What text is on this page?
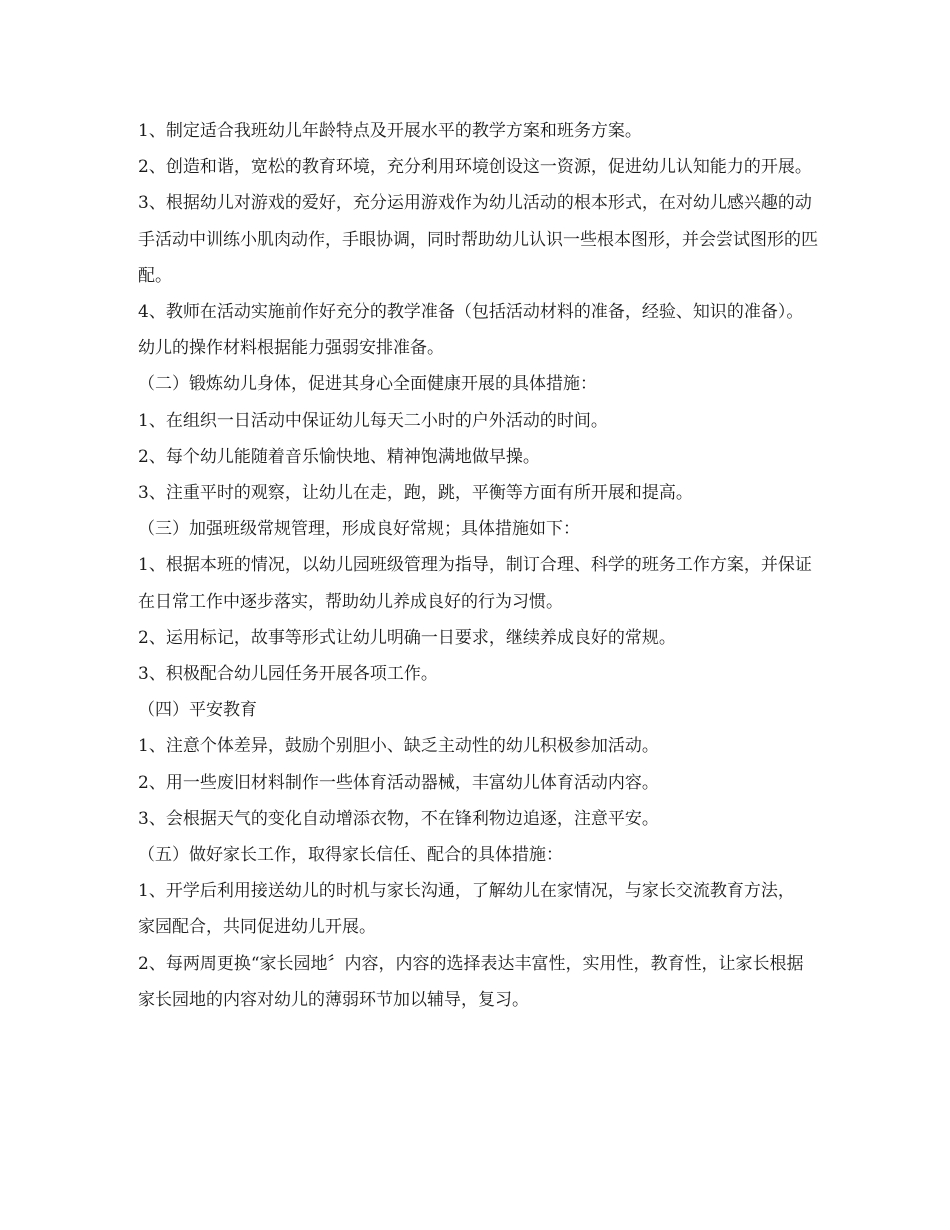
1、制定适合我班幼儿年龄特点及开展水平的教学方案和班务方案。

2、创造和谐，宽松的教育环境，充分利用环境创设这一资源，促进幼儿认知能力的开展。

3、根据幼儿对游戏的爱好，充分运用游戏作为幼儿活动的根本形式，在对幼儿感兴趣的动手活动中训练小肌肉动作，手眼协调，同时帮助幼儿认识一些根本图形，并会尝试图形的匹配。

4、教师在活动实施前作好充分的教学准备（包括活动材料的准备，经验、知识的准备）。幼儿的操作材料根据能力强弱安排准备。

（二）锻炼幼儿身体，促进其身心全面健康开展的具体措施：

1、在组织一日活动中保证幼儿每天二小时的户外活动的时间。

2、每个幼儿能随着音乐愉快地、精神饱满地做早操。

3、注重平时的观察，让幼儿在走，跑，跳，平衡等方面有所开展和提高。

（三）加强班级常规管理，形成良好常规；具体措施如下：

1、根据本班的情况，以幼儿园班级管理为指导，制订合理、科学的班务工作方案，并保证在日常工作中逐步落实，帮助幼儿养成良好的行为习惯。

2、运用标记，故事等形式让幼儿明确一日要求，继续养成良好的常规。

3、积极配合幼儿园任务开展各项工作。

（四）平安教育

1、注意个体差异，鼓励个别胆小、缺乏主动性的幼儿积极参加活动。

2、用一些废旧材料制作一些体育活动器械，丰富幼儿体育活动内容。

3、会根据天气的变化自动增添衣物，不在锋利物边追逐，注意平安。

（五）做好家长工作，取得家长信任、配合的具体措施：

1、开学后利用接送幼儿的时机与家长沟通，了解幼儿在家情况，与家长交流教育方法，

家园配合，共同促进幼儿开展。

2、每两周更换“家长园地〞内容，内容的选择表达丰富性，实用性，教育性，让家长根据家长园地的内容对幼儿的薄弱环节加以辅导，复习。
